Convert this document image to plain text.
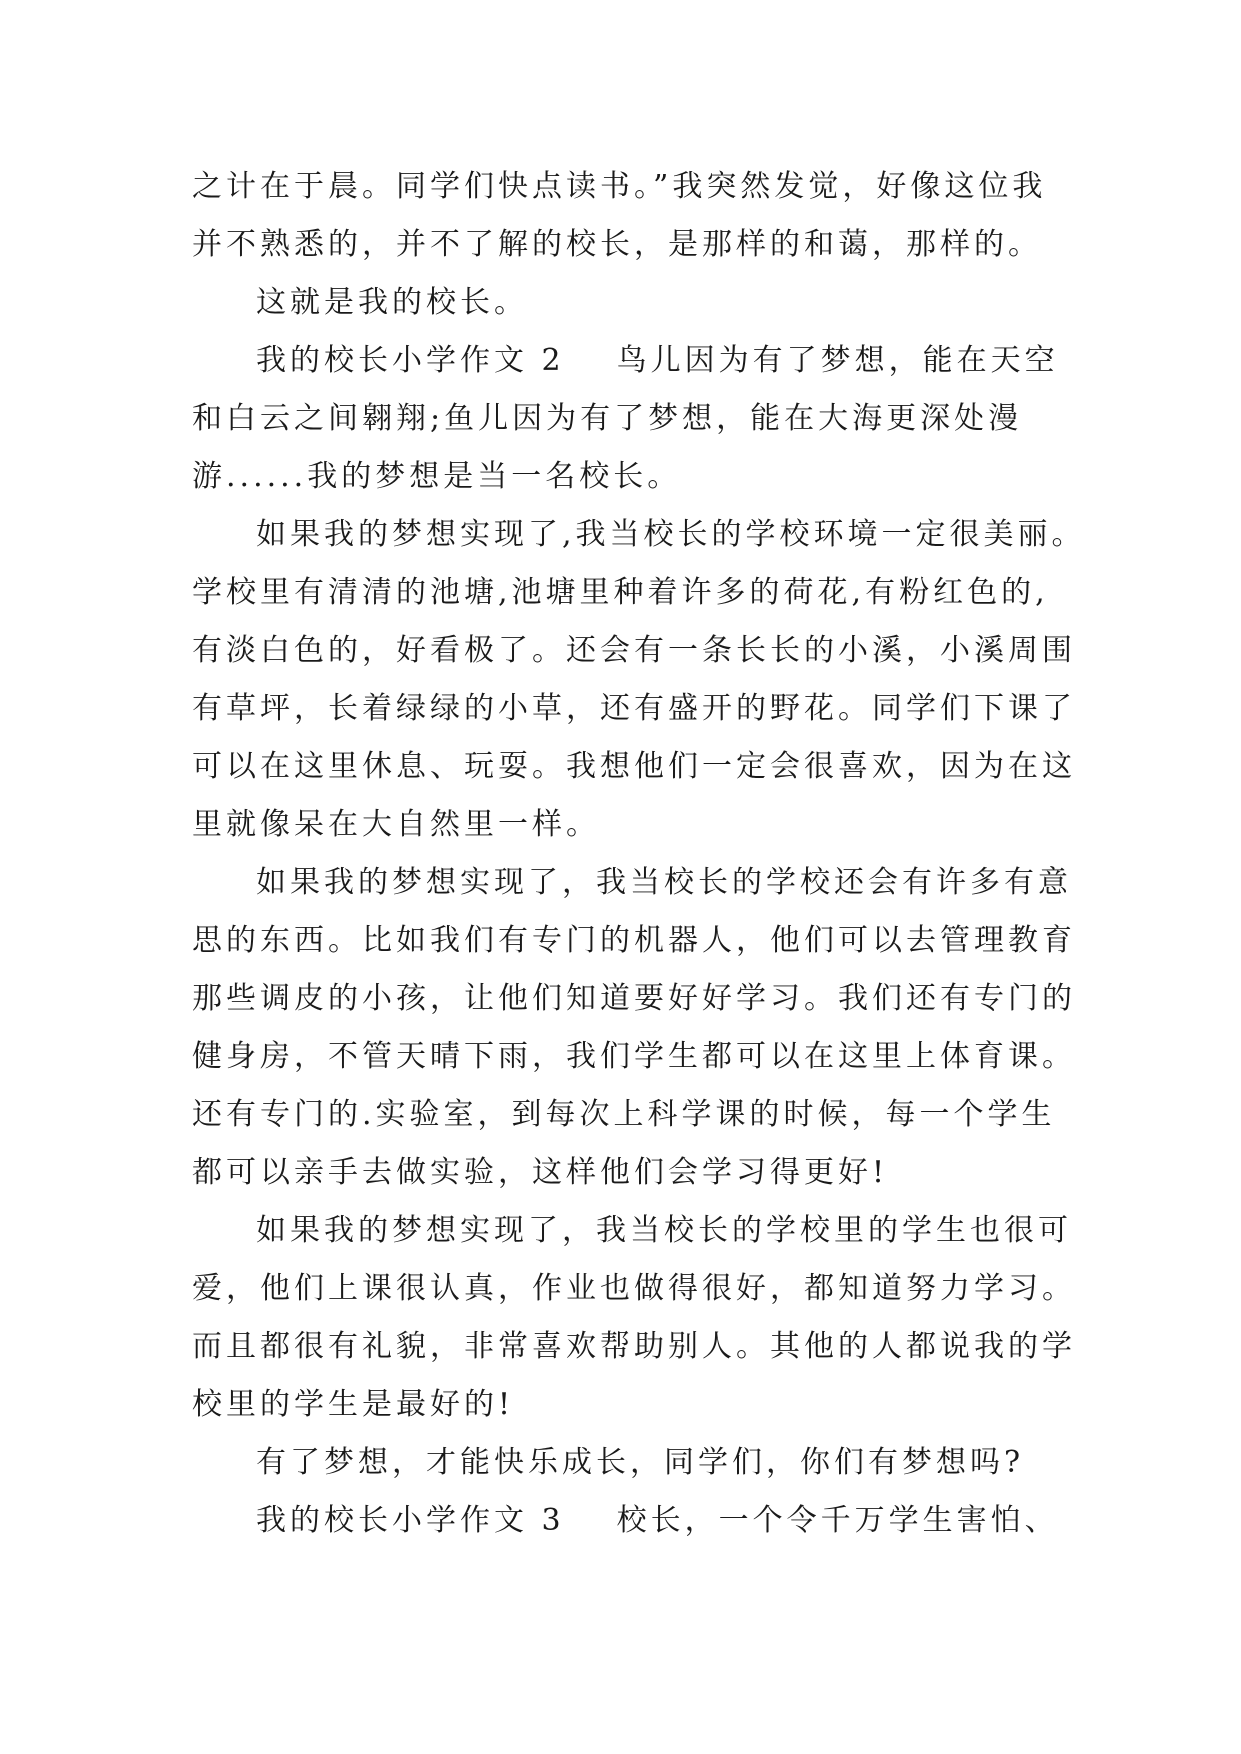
之计在于晨。同学们快点读书。”我突然发觉，好像这位我
并不熟悉的，并不了解的校长，是那样的和蔼，那样的。
这就是我的校长。
我的校长小学作文 2 鸟儿因为有了梦想，能在天空
和白云之间翱翔;鱼儿因为有了梦想，能在大海更深处漫
游......我的梦想是当一名校长。
如果我的梦想实现了,我当校长的学校环境一定很美丽。
学校里有清清的池塘,池塘里种着许多的荷花,有粉红色的,
有淡白色的，好看极了。还会有一条长长的小溪，小溪周围
有草坪，长着绿绿的小草，还有盛开的野花。同学们下课了
可以在这里休息、玩耍。我想他们一定会很喜欢，因为在这
里就像呆在大自然里一样。
如果我的梦想实现了，我当校长的学校还会有许多有意
思的东西。比如我们有专门的机器人，他们可以去管理教育
那些调皮的小孩，让他们知道要好好学习。我们还有专门的
健身房，不管天晴下雨，我们学生都可以在这里上体育课。
还有专门的.实验室，到每次上科学课的时候，每一个学生
都可以亲手去做实验，这样他们会学习得更好!
如果我的梦想实现了，我当校长的学校里的学生也很可
爱，他们上课很认真，作业也做得很好，都知道努力学习。
而且都很有礼貌，非常喜欢帮助别人。其他的人都说我的学
校里的学生是最好的!
有了梦想，才能快乐成长，同学们，你们有梦想吗?
我的校长小学作文 3 校长，一个令千万学生害怕、
